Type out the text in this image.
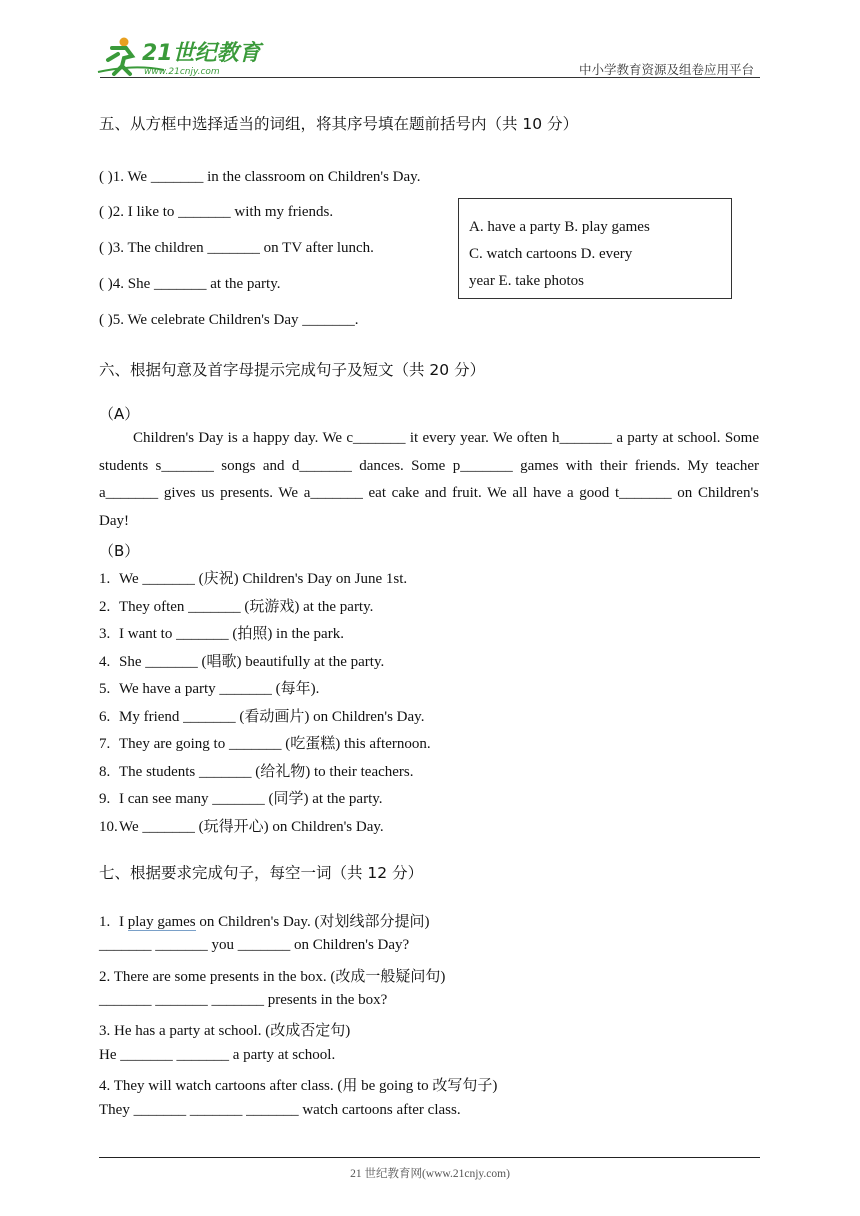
21世纪教育
www.21cnjy.com	中小学教育资源及组卷应用平台
五、从方框中选择适当的词组，将其序号填在题前括号内（共 10 分）
( )1. We _______ in the classroom on Children's Day.
( )2. I like to _______ with my friends.
( )3. The children _______ on TV after lunch.
( )4. She _______ at the party.
( )5. We celebrate Children's Day _______.
A. have a party B. play games
C. watch cartoons D. every
year E. take photos
六、根据句意及首字母提示完成句子及短文（共 20 分）
（A）
Children's Day is a happy day. We c_______ it every year. We often h_______ a party at school. Some students s_______ songs and d_______ dances. Some p_______ games with their friends. My teacher a_______ gives us presents. We a_______ eat cake and fruit. We all have a good t_______ on Children's Day!
（B）
1. We _______ (庆祝) Children's Day on June 1st.
2. They often _______ (玩游戏) at the party.
3. I want to _______ (拍照) in the park.
4. She _______ (唱歌) beautifully at the party.
5. We have a party _______ (每年).
6. My friend _______ (看动画片) on Children's Day.
7. They are going to _______ (吃蛋糕) this afternoon.
8. The students _______ (给礼物) to their teachers.
9. I can see many _______ (同学) at the party.
10.We _______ (玩得开心) on Children's Day.
七、根据要求完成句子，每空一词（共 12 分）
1. I play games on Children's Day. (对划线部分提问)
_______ _______ you _______ on Children's Day?
2. There are some presents in the box. (改成一般疑问句)
_______ _______ _______ presents in the box?
3. He has a party at school. (改成否定句)
He _______ _______ a party at school.
4. They will watch cartoons after class. (用 be going to 改写句子)
They _______ _______ _______ watch cartoons after class.
21 世纪教育网(www.21cnjy.com)
